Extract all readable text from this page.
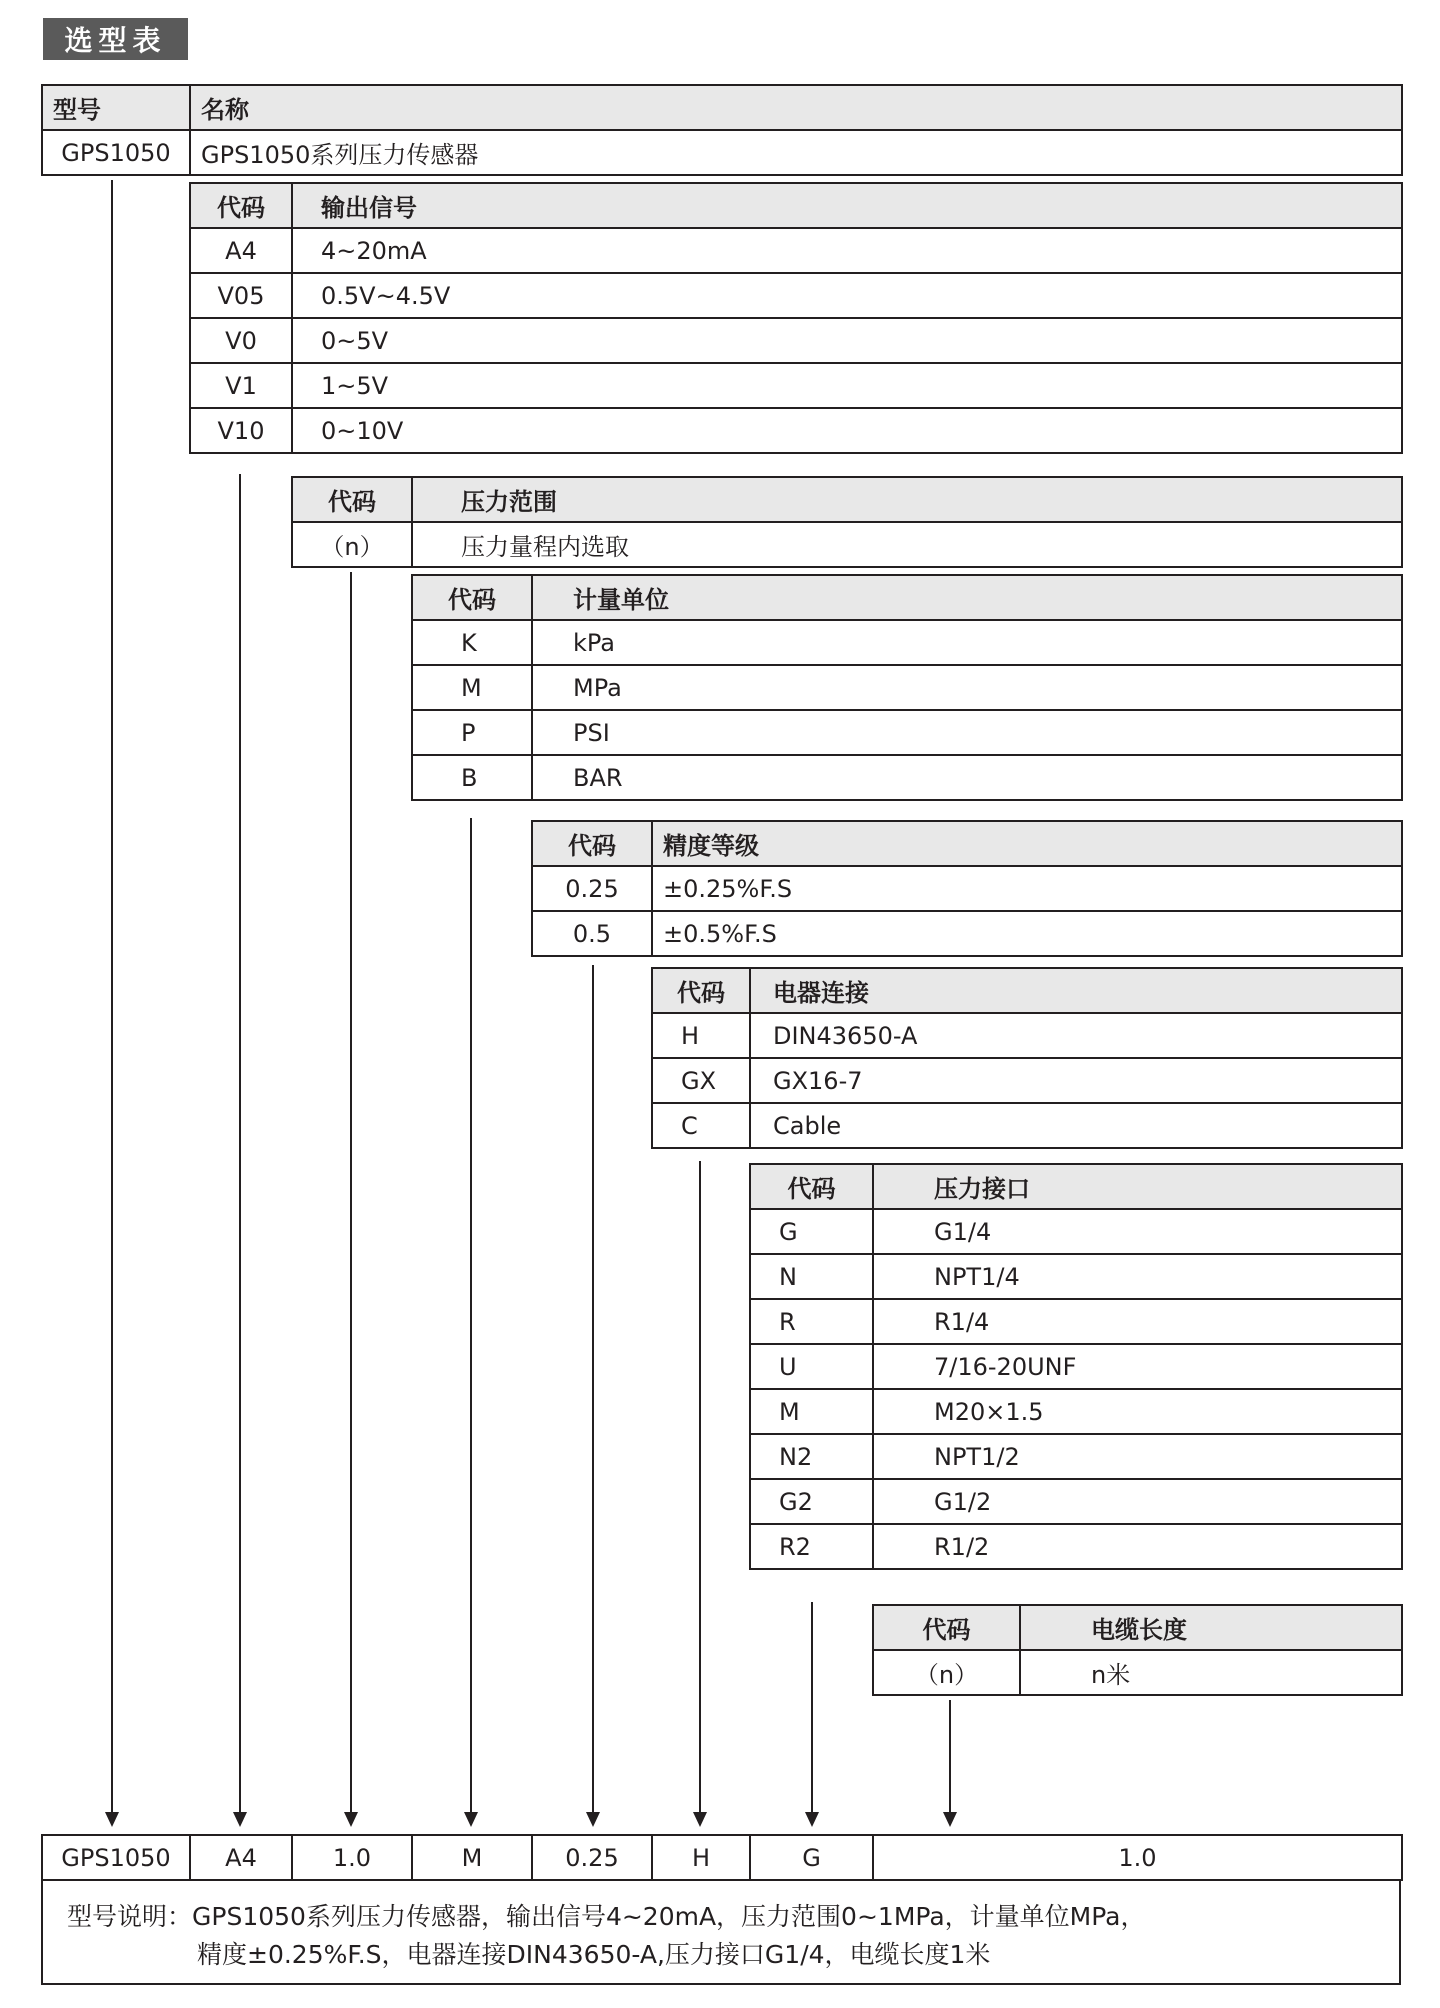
选型表
型号	名称
GPS1050	GPS1050系列压力传感器
代码	输出信号
A4	4~20mA
V05	0.5V~4.5V
V0	0~5V
V1	1~5V
V10	0~10V
代码	压力范围
（n）	压力量程内选取
代码	计量单位
K	kPa
M	MPa
P	PSI
B	BAR
代码	精度等级
0.25	±0.25%F.S
0.5	±0.5%F.S
代码	电器连接
H	DIN43650-A
GX	GX16-7
C	Cable
代码	压力接口
G	G1/4
N	NPT1/4
R	R1/4
U	7/16-20UNF
M	M20×1.5
N2	NPT1/2
G2	G1/2
R2	R1/2
代码	电缆长度
（n）	n米
GPS1050	A4	1.0	M	0.25	H	G	1.0
型号说明：GPS1050系列压力传感器，输出信号4~20mA，压力范围0~1MPa，计量单位MPa，
精度±0.25%F.S，电器连接DIN43650-A,压力接口G1/4，电缆长度1米
